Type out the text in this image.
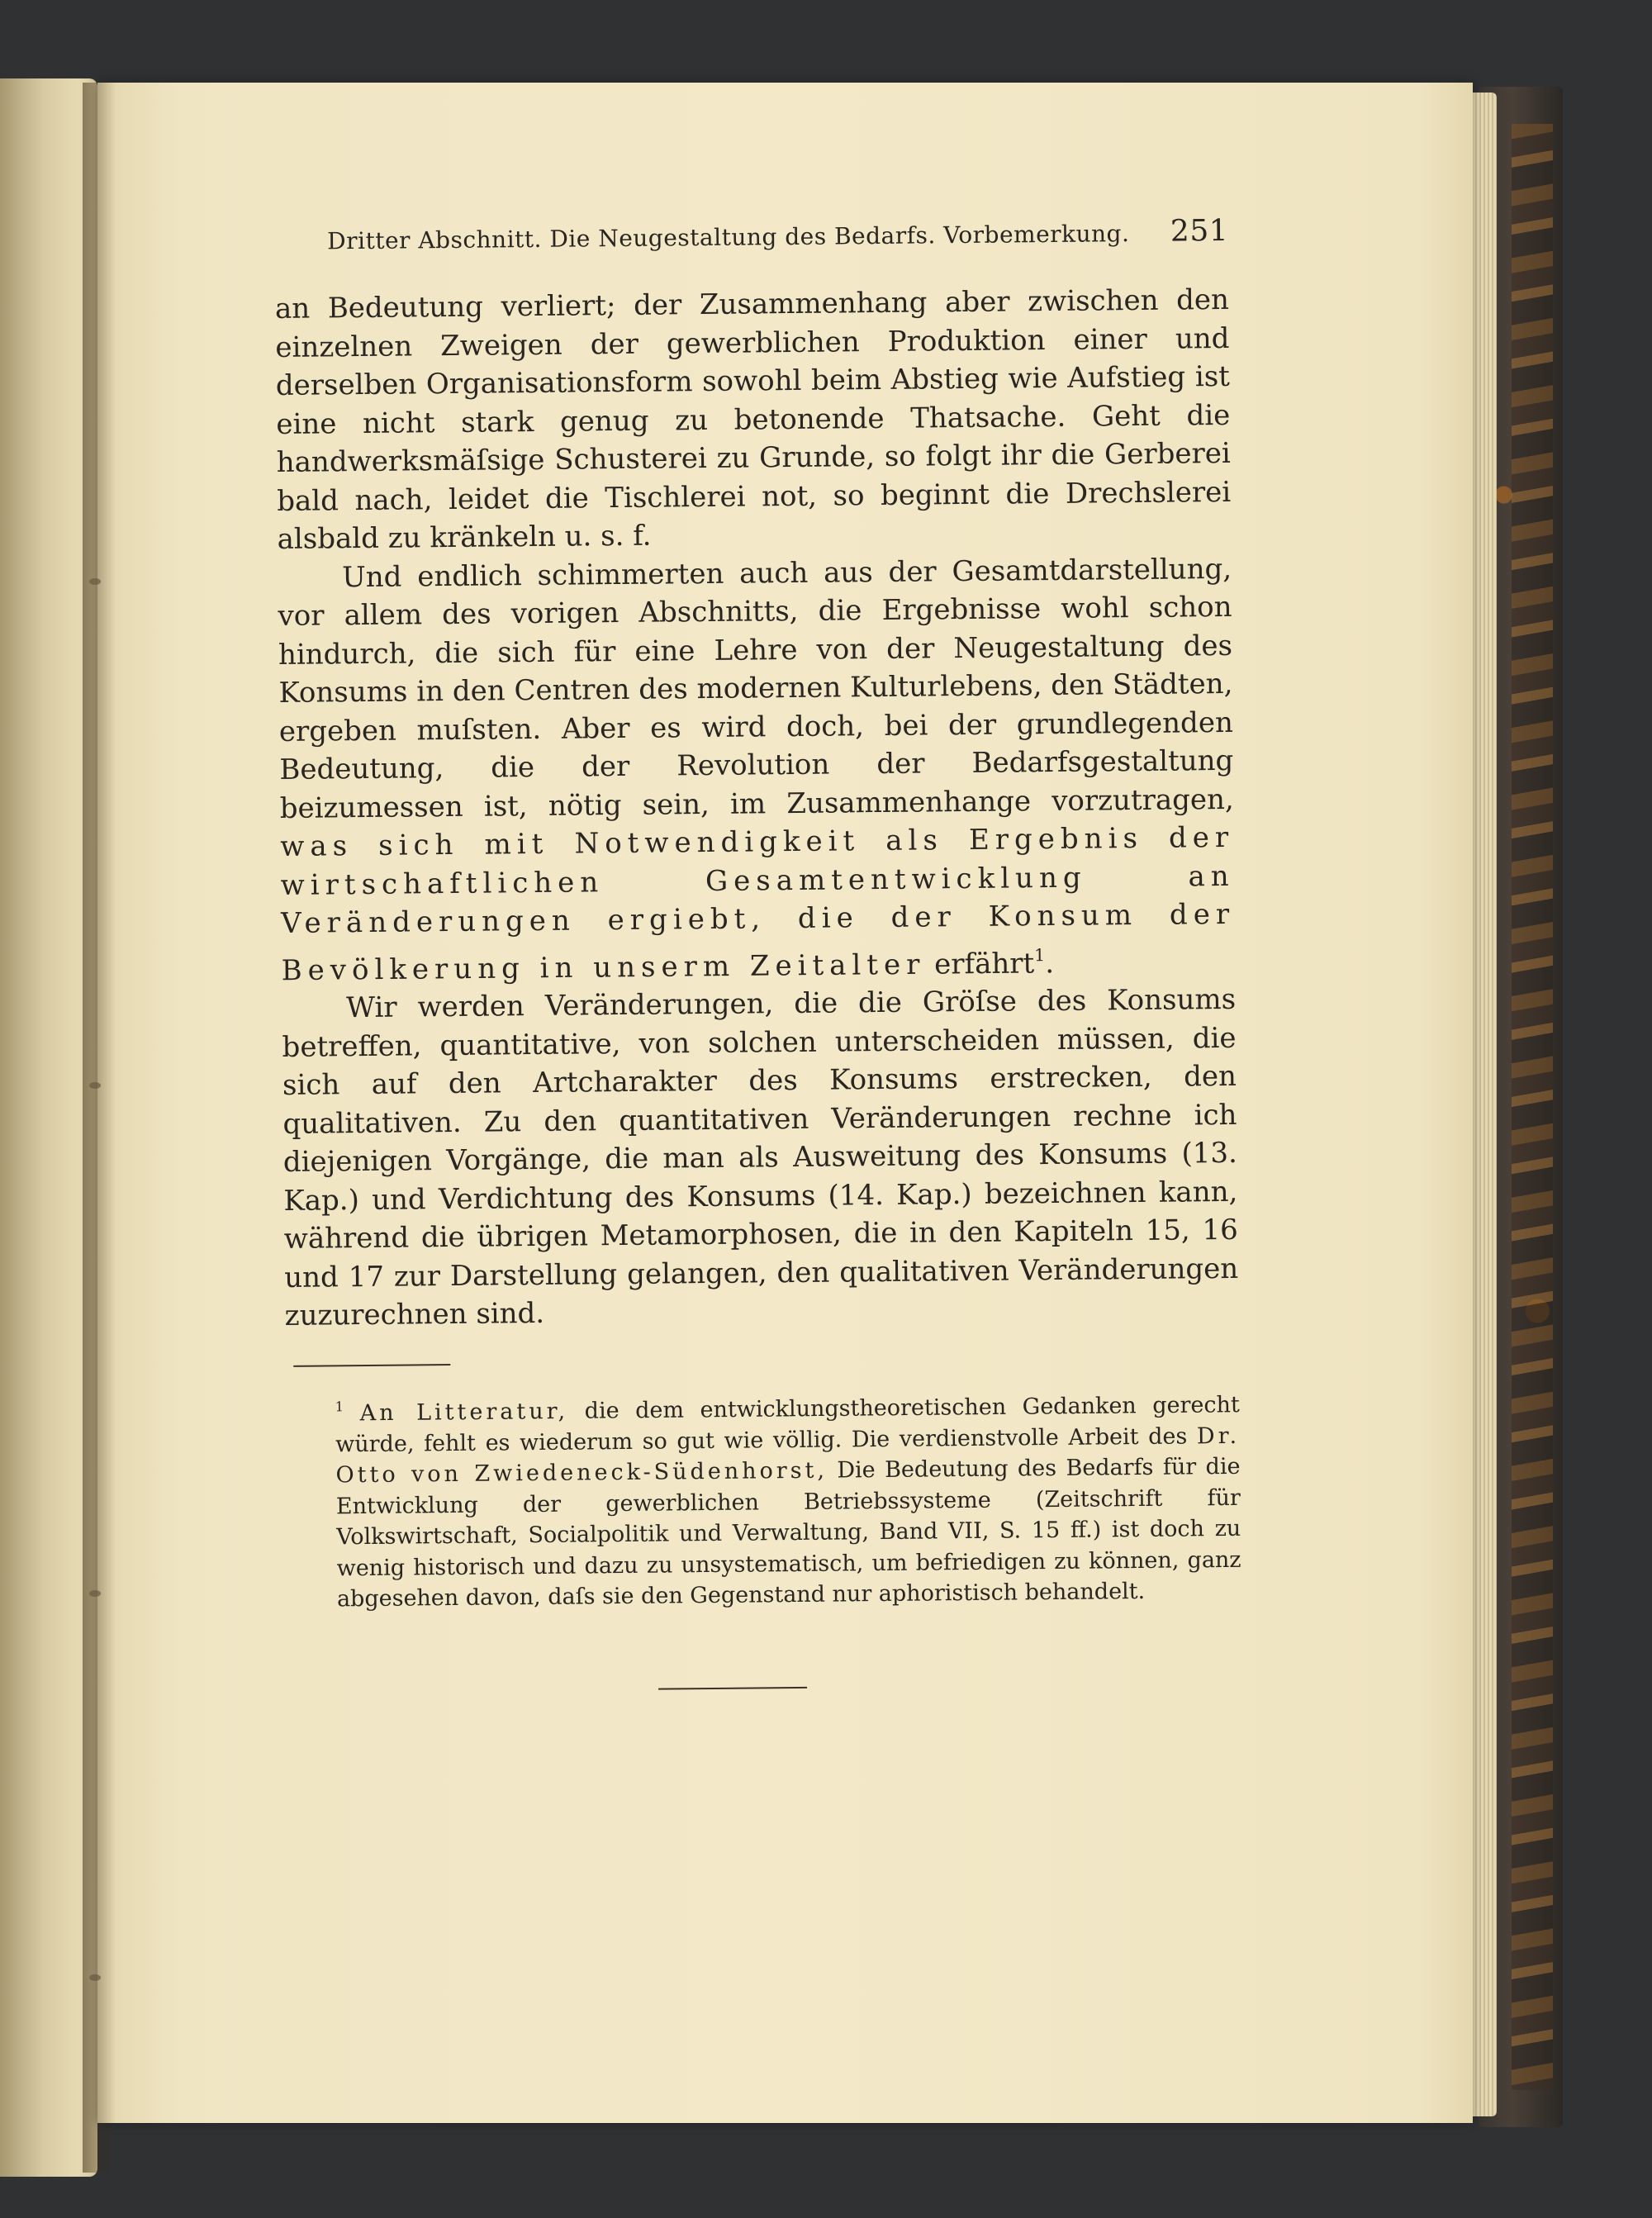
Dritter Abschnitt. Die Neugestaltung des Bedarfs. Vorbemerkung. 251

an Bedeutung verliert; der Zusammenhang aber zwischen den einzelnen Zweigen der gewerblichen Produktion einer und derselben Organisationsform sowohl beim Abstieg wie Aufstieg ist eine nicht stark genug zu betonende Thatsache. Geht die handwerksmäſsige Schusterei zu Grunde, so folgt ihr die Gerberei bald nach, leidet die Tischlerei not, so beginnt die Drechslerei alsbald zu kränkeln u. s. f.

Und endlich schimmerten auch aus der Gesamtdarstellung, vor allem des vorigen Abschnitts, die Ergebnisse wohl schon hindurch, die sich für eine Lehre von der Neugestaltung des Konsums in den Centren des modernen Kulturlebens, den Städten, ergeben muſsten. Aber es wird doch, bei der grundlegenden Bedeutung, die der Revolution der Bedarfsgestaltung beizumessen ist, nötig sein, im Zusammenhange vorzutragen, was sich mit Notwendigkeit als Ergebnis der wirtschaftlichen Gesamtentwicklung an Veränderungen ergiebt, die der Konsum der Bevölkerung in unserm Zeitalter erfährt$^1$.

Wir werden Veränderungen, die die Gröſse des Konsums betreffen, quantitative, von solchen unterscheiden müssen, die sich auf den Artcharakter des Konsums erstrecken, den qualitativen. Zu den quantitativen Veränderungen rechne ich diejenigen Vorgänge, die man als Ausweitung des Konsums (13. Kap.) und Verdichtung des Konsums (14. Kap.) bezeichnen kann, während die übrigen Metamorphosen, die in den Kapiteln 15, 16 und 17 zur Darstellung gelangen, den qualitativen Veränderungen zuzurechnen sind.

$^1$ An Litteratur, die dem entwicklungstheoretischen Gedanken gerecht würde, fehlt es wiederum so gut wie völlig. Die verdienstvolle Arbeit des Dr. Otto von Zwiedeneck-Südenhorst, Die Bedeutung des Bedarfs für die Entwicklung der gewerblichen Betriebssysteme (Zeitschrift für Volkswirtschaft, Socialpolitik und Verwaltung, Band VII, S. 15 ff.) ist doch zu wenig historisch und dazu zu unsystematisch, um befriedigen zu können, ganz abgesehen davon, daſs sie den Gegenstand nur aphoristisch behandelt.
